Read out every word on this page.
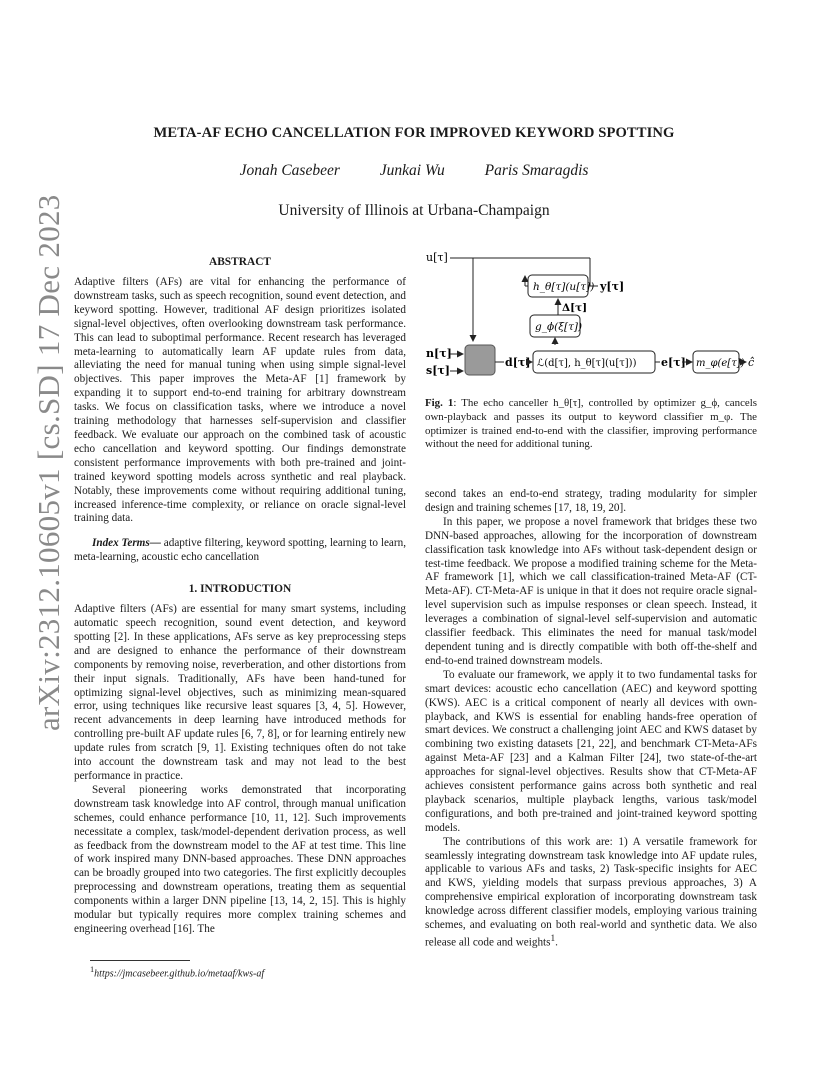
META-AF ECHO CANCELLATION FOR IMPROVED KEYWORD SPOTTING
Jonah Casebeer	Junkai Wu	Paris Smaragdis
University of Illinois at Urbana-Champaign
arXiv:2312.10605v1 [cs.SD] 17 Dec 2023	ABSTRACT

Adaptive filters (AFs) are vital for enhancing the performance of downstream tasks, such as speech recognition, sound event detection, and keyword spotting. However, traditional AF design prioritizes isolated signal-level objectives, often overlooking downstream task performance. This can lead to suboptimal performance. Recent research has leveraged meta-learning to automatically learn AF update rules from data, alleviating the need for manual tuning when using simple signal-level objectives. This paper improves the Meta-AF [1] framework by expanding it to support end-to-end training for arbitrary downstream tasks. We focus on classification tasks, where we introduce a novel training methodology that harnesses self-supervision and classifier feedback. We evaluate our approach on the combined task of acoustic echo cancellation and keyword spotting. Our findings demonstrate consistent performance improvements with both pre-trained and joint-trained keyword spotting models across synthetic and real playback. Notably, these improvements come without requiring additional tuning, increased inference-time complexity, or reliance on oracle signal-level training data.

Index Terms— adaptive filtering, keyword spotting, learning to learn, meta-learning, acoustic echo cancellation

1. INTRODUCTION

Adaptive filters (AFs) are essential for many smart systems, including automatic speech recognition, sound event detection, and keyword spotting [2]. In these applications, AFs serve as key preprocessing steps and are designed to enhance the performance of their downstream components by removing noise, reverberation, and other distortions from their input signals. Traditionally, AFs have been hand-tuned for optimizing signal-level objectives, such as minimizing mean-squared error, using techniques like recursive least squares [3, 4, 5]. However, recent advancements in deep learning have introduced methods for controlling pre-built AF update rules [6, 7, 8], or for learning entirely new update rules from scratch [9, 1]. Existing techniques often do not take into account the downstream task and may not lead to the best performance in practice.

Several pioneering works demonstrated that incorporating downstream task knowledge into AF control, through manual unification schemes, could enhance performance [10, 11, 12]. Such improvements necessitate a complex, task/model-dependent derivation process, as well as feedback from the downstream model to the AF at test time. This line of work inspired many DNN-based approaches. These DNN approaches can be broadly grouped into two categories. The first explicitly decouples preprocessing and downstream operations, treating them as sequential components within a larger DNN pipeline [13, 14, 2, 15]. This is highly modular but typically requires more complex training schemes and engineering overhead [16]. The

$^1$https://jmcasebeer.github.io/metaaf/kws-af
u[τ]
h_θ[τ](u[τ]) y[τ]
Δ[τ]
g_ϕ(ξ[τ])
n[τ]
s[τ]
d[τ] ℒ(d[τ], h_θ[τ](u[τ])) e[τ] m_φ(e[τ]) ĉ
Fig. 1: The echo canceller h_θ[τ], controlled by optimizer g_ϕ, cancels own-playback and passes its output to keyword classifier m_φ. The optimizer is trained end-to-end with the classifier, improving performance without the need for additional tuning.

second takes an end-to-end strategy, trading modularity for simpler design and training schemes [17, 18, 19, 20].

In this paper, we propose a novel framework that bridges these two DNN-based approaches, allowing for the incorporation of downstream classification task knowledge into AFs without task-dependent design or test-time feedback. We propose a modified training scheme for the Meta-AF framework [1], which we call classification-trained Meta-AF (CT-Meta-AF). CT-Meta-AF is unique in that it does not require oracle signal-level supervision such as impulse responses or clean speech. Instead, it leverages a combination of signal-level self-supervision and automatic classifier feedback. This eliminates the need for manual task/model dependent tuning and is directly compatible with both off-the-shelf and end-to-end trained downstream models.

To evaluate our framework, we apply it to two fundamental tasks for smart devices: acoustic echo cancellation (AEC) and keyword spotting (KWS). AEC is a critical component of nearly all devices with own-playback, and KWS is essential for enabling hands-free operation of smart devices. We construct a challenging joint AEC and KWS dataset by combining two existing datasets [21, 22], and benchmark CT-Meta-AFs against Meta-AF [23] and a Kalman Filter [24], two state-of-the-art approaches for signal-level objectives. Results show that CT-Meta-AF achieves consistent performance gains across both synthetic and real playback scenarios, multiple playback lengths, various task/model configurations, and both pre-trained and joint-trained keyword spotting models.

The contributions of this work are: 1) A versatile framework for seamlessly integrating downstream task knowledge into AF update rules, applicable to various AFs and tasks, 2) Task-specific insights for AEC and KWS, yielding models that surpass previous approaches, 3) A comprehensive empirical exploration of incorporating downstream task knowledge across different classifier models, employing various training schemes, and evaluating on both real-world and synthetic data. We also release all code and weights$^1$.
